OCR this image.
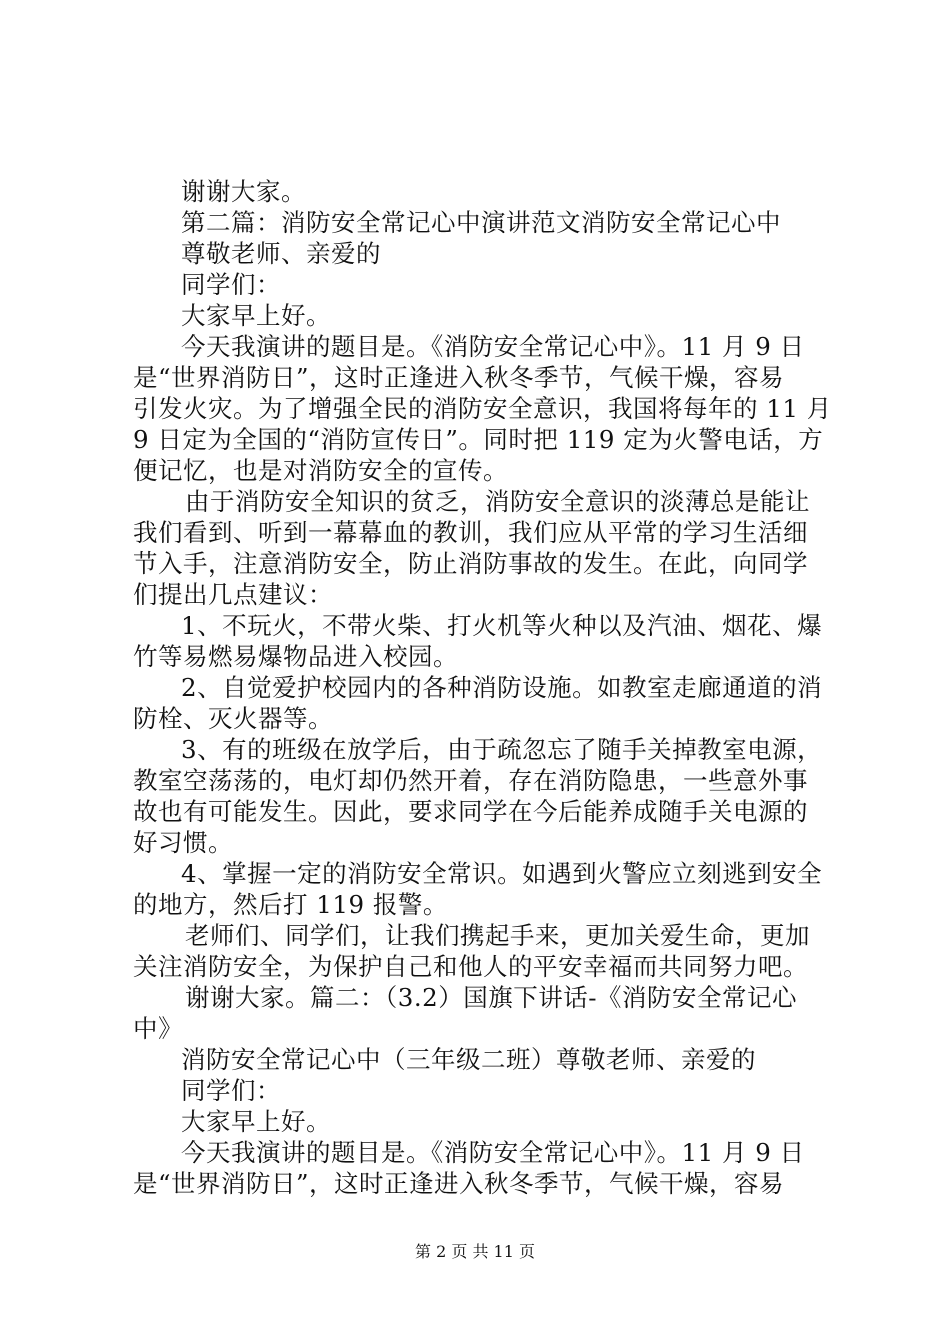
谢谢大家。
第二篇：消防安全常记心中演讲范文消防安全常记心中
尊敬老师、亲爱的
同学们：
大家早上好。
今天我演讲的题目是。《消防安全常记心中》。11 月 9 日
是“世界消防日”，这时正逢进入秋冬季节，气候干燥，容易
引发火灾。为了增强全民的消防安全意识，我国将每年的 11 月
9 日定为全国的“消防宣传日”。同时把 119 定为火警电话，方
便记忆，也是对消防安全的宣传。
由于消防安全知识的贫乏，消防安全意识的淡薄总是能让
我们看到、听到一幕幕血的教训，我们应从平常的学习生活细
节入手，注意消防安全，防止消防事故的发生。在此，向同学
们提出几点建议：
1、不玩火，不带火柴、打火机等火种以及汽油、烟花、爆
竹等易燃易爆物品进入校园。
2、自觉爱护校园内的各种消防设施。如教室走廊通道的消
防栓、灭火器等。
3、有的班级在放学后，由于疏忽忘了随手关掉教室电源，
教室空荡荡的，电灯却仍然开着，存在消防隐患，一些意外事
故也有可能发生。因此，要求同学在今后能养成随手关电源的
好习惯。
4、掌握一定的消防安全常识。如遇到火警应立刻逃到安全
的地方，然后打 119 报警。
老师们、同学们，让我们携起手来，更加关爱生命，更加
关注消防安全，为保护自己和他人的平安幸福而共同努力吧。
谢谢大家。篇二：（3.2）国旗下讲话-《消防安全常记心
中》
消防安全常记心中（三年级二班）尊敬老师、亲爱的
同学们：
大家早上好。
今天我演讲的题目是。《消防安全常记心中》。11 月 9 日
是“世界消防日”，这时正逢进入秋冬季节，气候干燥，容易
第 2 页 共 11 页
